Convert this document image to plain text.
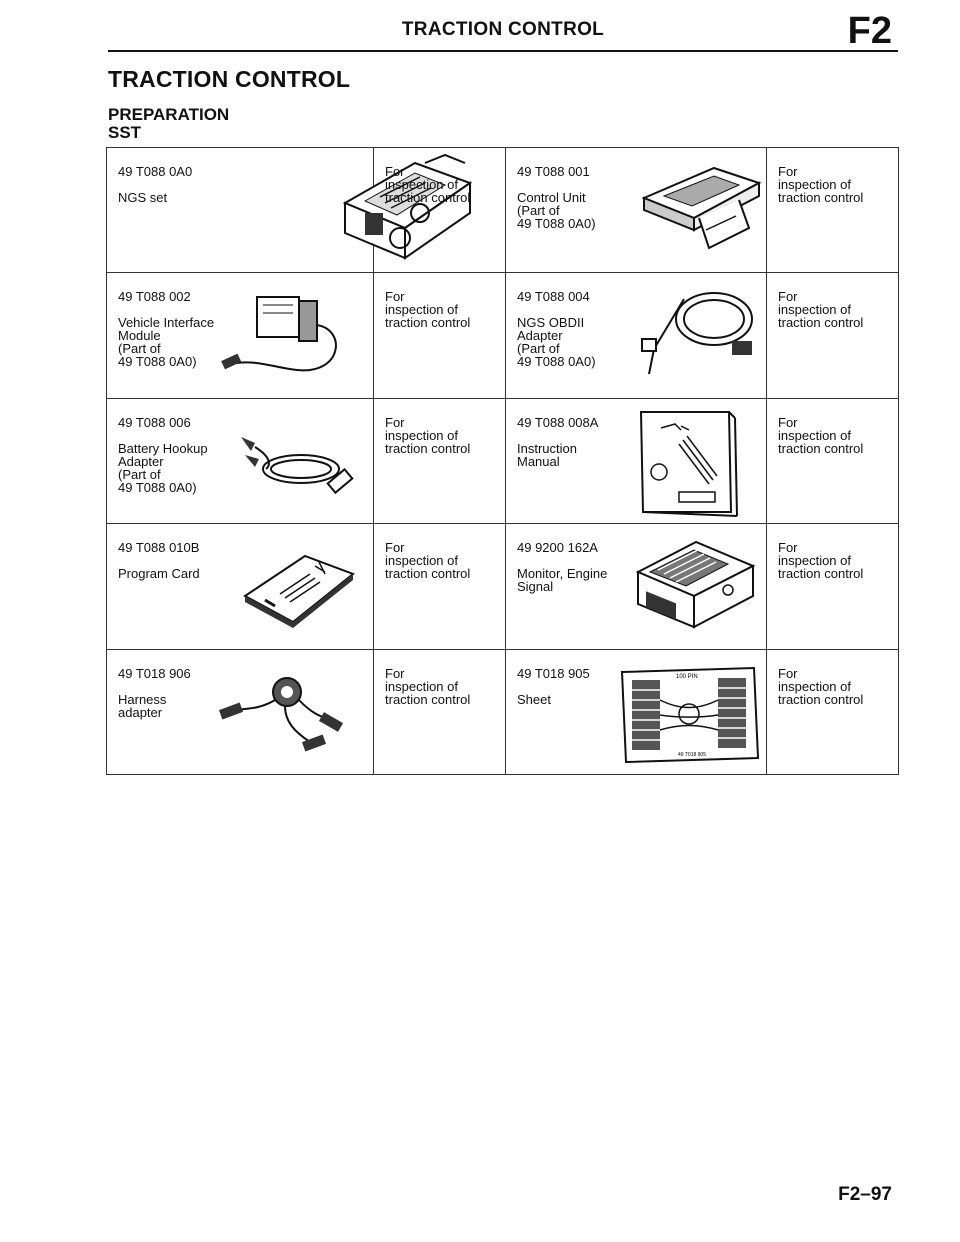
TRACTION CONTROL	F2
TRACTION CONTROL
PREPARATION
SST
49 T088 0A0
NGS set	For
inspection of
traction control	49 T088 001
Control Unit
(Part of
49 T088 0A0)	For
inspection of
traction control

49 T088 002
Vehicle Interface
Module
(Part of
49 T088 0A0)	For
inspection of
traction control	49 T088 004
NGS OBDII
Adapter
(Part of
49 T088 0A0)	For
inspection of
traction control

49 T088 006
Battery Hookup
Adapter
(Part of
49 T088 0A0)	For
inspection of
traction control	49 T088 008A
Instruction
Manual	For
inspection of
traction control

49 T088 010B
Program Card	For
inspection of
traction control	49 9200 162A
Monitor, Engine
Signal	For
inspection of
traction control

49 T018 906
Harness
adapter	For
inspection of
traction control	49 T018 905
Sheet
100 PIN
49 T018 905	For
inspection of
traction control
F2–97
